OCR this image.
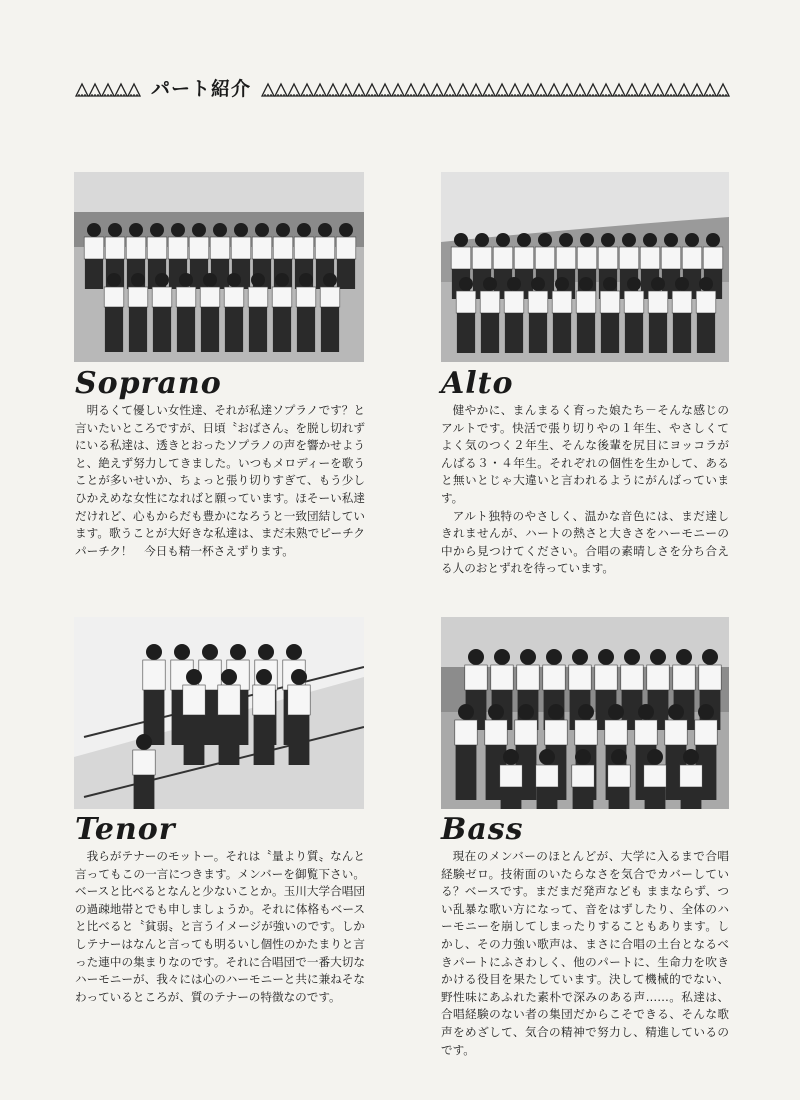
パート紹介
Soprano

明るくて優しい女性達、それが私達ソプラノです？と言いたいところですが、日頃〝おばさん〟を脱し切れずにいる私達は、透きとおったソプラノの声を響かせようと、絶えず努力してきました。いつもメロディーを歌うことが多いせいか、ちょっと張り切りすぎて、もう少しひかえめな女性になればと願っています。ほそーい私達だけれど、心もからだも豊かになろうと一致団結しています。歌うことが大好きな私達は、まだ未熟でピーチクパーチク！　今日も精一杯さえずります。

Alto

健やかに、まんまるく育った娘たち－そんな感じのアルトです。快活で張り切りやの１年生、やさしくてよく気のつく２年生、そんな後輩を尻目にヨッコラがんばる３・４年生。それぞれの個性を生かして、あると無いとじゃ大違いと言われるようにがんばっています。

アルト独特のやさしく、温かな音色には、まだ達しきれませんが、ハートの熱さと大きさをハーモニーの中から見つけてください。合唱の素晴しさを分ち合える人のおとずれを待っています。

Tenor

我らがテナーのモットー。それは〝量より質〟なんと言ってもこの一言につきます。メンバーを御覧下さい。ベースと比べるとなんと少ないことか。玉川大学合唱団の過疎地帯とでも申しましょうか。それに体格もベースと比べると〝貧弱〟と言うイメージが強いのです。しかしテナーはなんと言っても明るいし個性のかたまりと言った連中の集まりなのです。それに合唱団で一番大切なハーモニーが、我々には心のハーモニーと共に兼ねそなわっているところが、質のテナーの特徴なのです。

Bass

現在のメンバーのほとんどが、大学に入るまで合唱経験ゼロ。技術面のいたらなさを気合でカバーしている？ベースです。まだまだ発声なども ままならず、つい乱暴な歌い方になって、音をはずしたり、全体のハーモニーを崩してしまったりすることもあります。しかし、その力強い歌声は、まさに合唱の土台となるべきパートにふさわしく、他のパートに、生命力を吹きかける役目を果たしています。決して機械的でない、野性味にあふれた素朴で深みのある声……。私達は、合唱経験のない者の集団だからこそできる、そんな歌声をめざして、気合の精神で努力し、精進しているのです。
